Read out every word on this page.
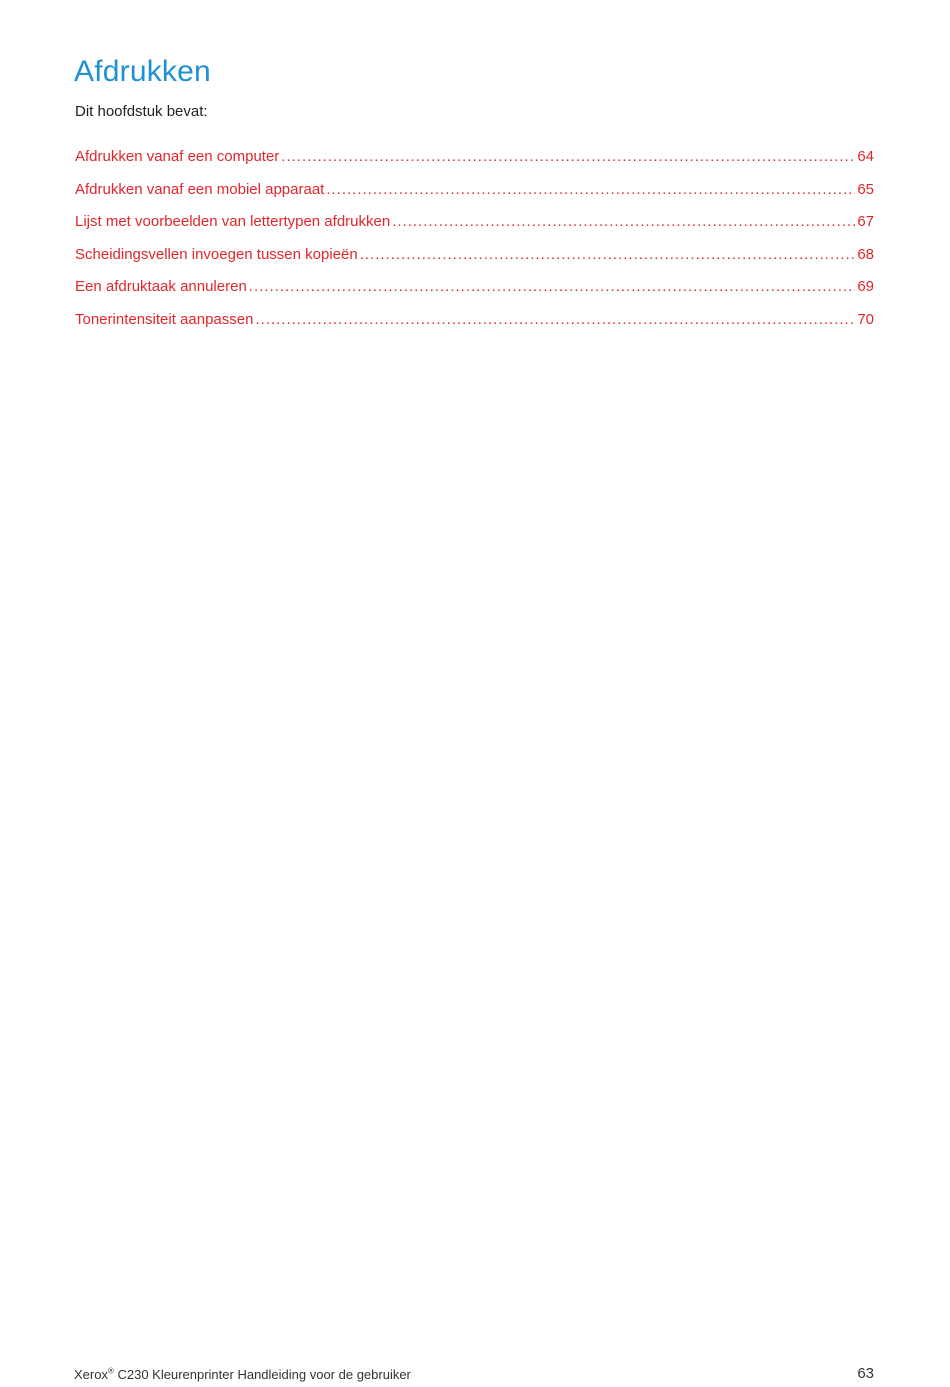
Afdrukken

Dit hoofdstuk bevat:

Afdrukken vanaf een computer .....	64
Afdrukken vanaf een mobiel apparaat .....	65
Lijst met voorbeelden van lettertypen afdrukken .....	67
Scheidingsvellen invoegen tussen kopieën .....	68
Een afdruktaak annuleren .....	69
Tonerintensiteit aanpassen .....	70
Xerox® C230 Kleurenprinter Handleiding voor de gebruiker	63
